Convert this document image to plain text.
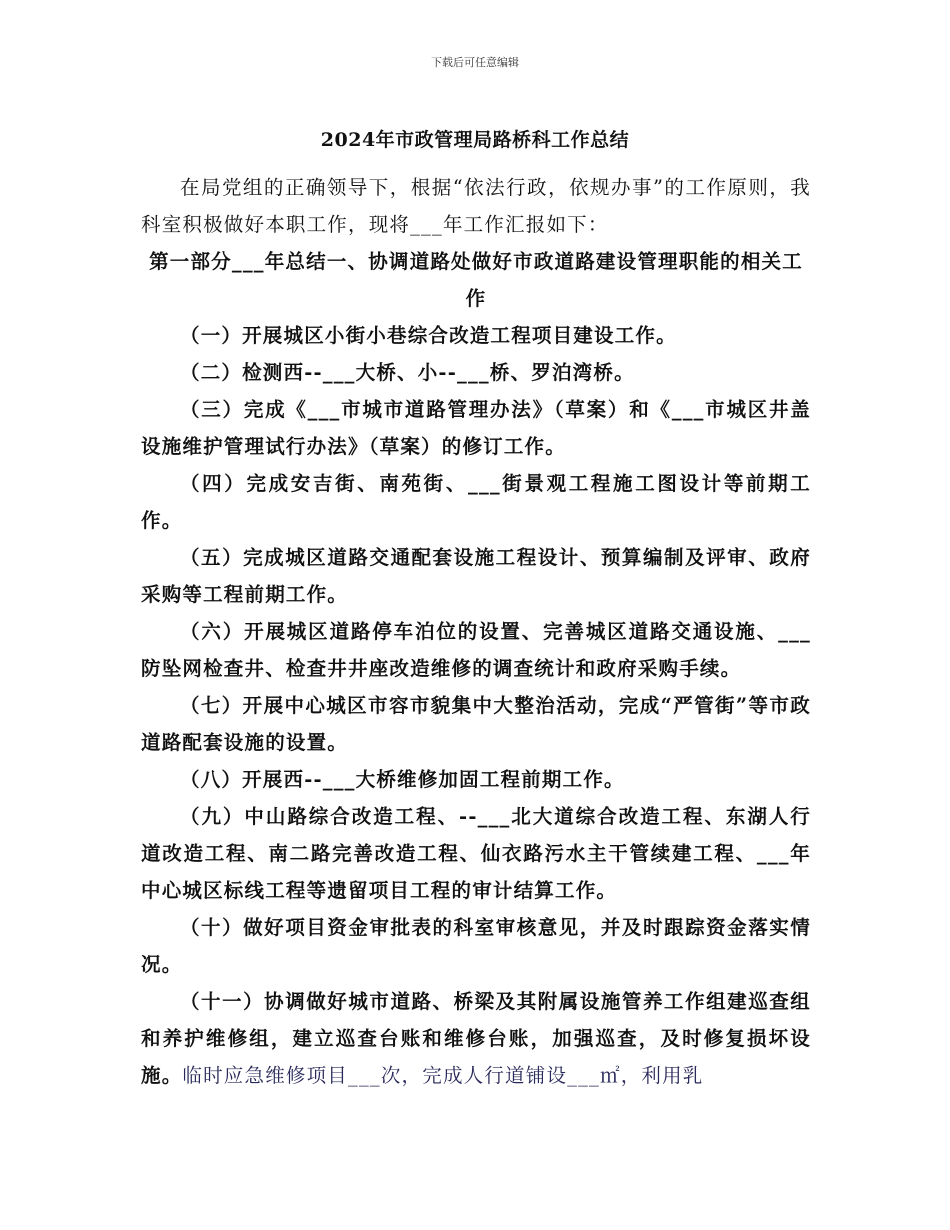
下载后可任意编辑
2024年市政管理局路桥科工作总结

在局党组的正确领导下，根据“依法行政，依规办事”的工作原则，我科室积极做好本职工作，现将___年工作汇报如下：

第一部分___年总结一、协调道路处做好市政道路建设管理职能的相关工作

（一）开展城区小街小巷综合改造工程项目建设工作。

（二）检测西--___大桥、小--___桥、罗泊湾桥。

（三）完成《___市城市道路管理办法》（草案）和《___市城区井盖设施维护管理试行办法》（草案）的修订工作。

（四）完成安吉街、南苑街、___街景观工程施工图设计等前期工作。

（五）完成城区道路交通配套设施工程设计、预算编制及评审、政府采购等工程前期工作。

（六）开展城区道路停车泊位的设置、完善城区道路交通设施、___防坠网检查井、检查井井座改造维修的调查统计和政府采购手续。

（七）开展中心城区市容市貌集中大整治活动，完成“严管街”等市政道路配套设施的设置。

（八）开展西--___大桥维修加固工程前期工作。

（九）中山路综合改造工程、--___北大道综合改造工程、东湖人行道改造工程、南二路完善改造工程、仙衣路污水主干管续建工程、___年中心城区标线工程等遗留项目工程的审计结算工作。

（十）做好项目资金审批表的科室审核意见，并及时跟踪资金落实情况。

（十一）协调做好城市道路、桥梁及其附属设施管养工作组建巡查组和养护维修组，建立巡查台账和维修台账，加强巡查，及时修复损坏设施。临时应急维修项目___次，完成人行道铺设___㎡，利用乳
